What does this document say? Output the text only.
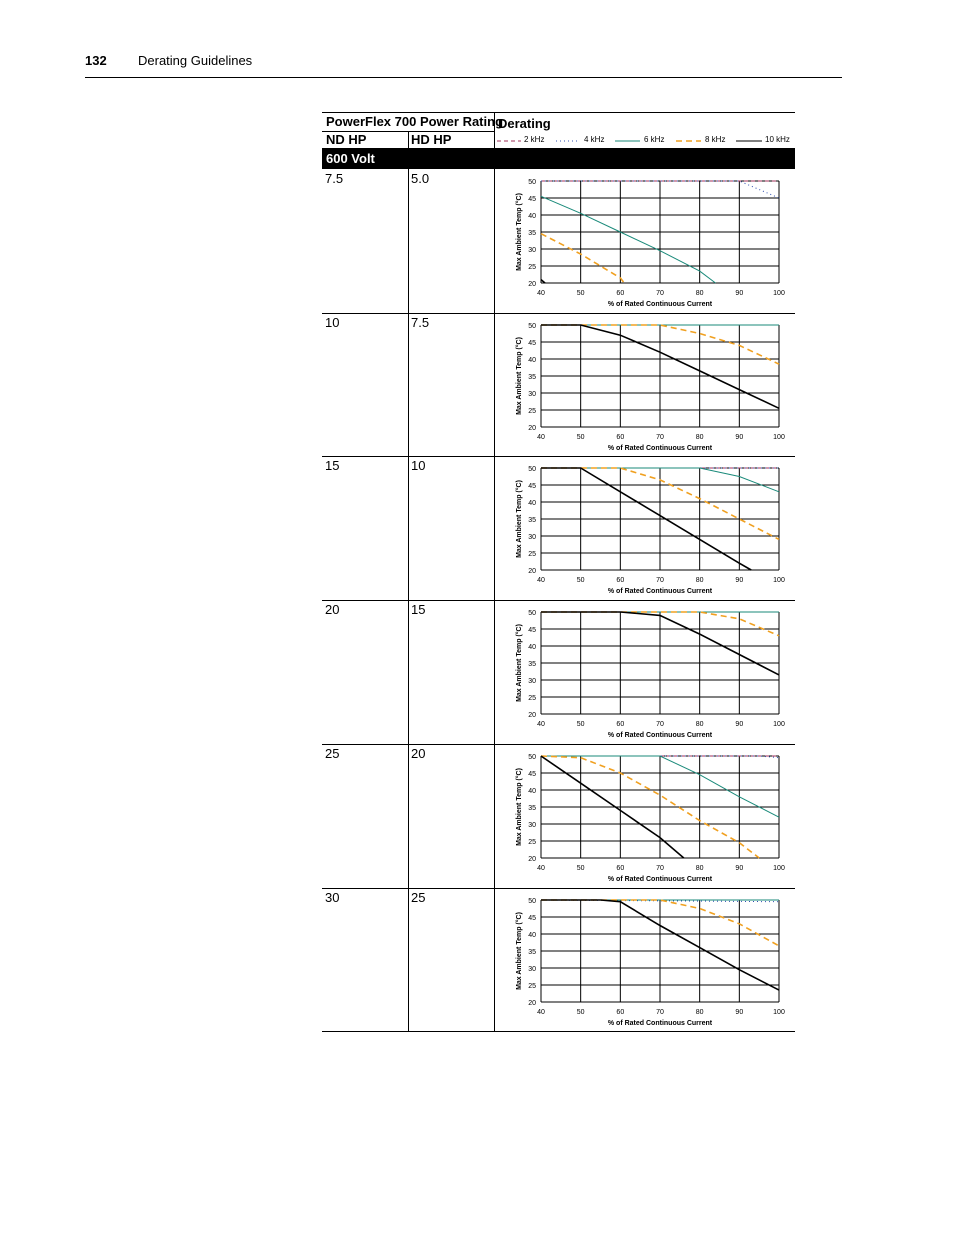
132 Derating Guidelines
PowerFlex 700 Power Rating
Derating
ND HP	HD HP	2 kHz	4 kHz	6 kHz	8 kHz	10 kHz
600 Volt
7.5	5.0
20
25
30
35
40
45
50
40	50	60	70	80	90	100
% of Rated Continuous Current
Max Ambient Temp (°C)
10	7.5
20
25
30
35
40
45
50
40	50	60	70	80	90	100
% of Rated Continuous Current
Max Ambient Temp (°C)
15	10
20
25
30
35
40
45
50
40	50	60	70	80	90	100
% of Rated Continuous Current
Max Ambient Temp (°C)
20	15
20
25
30
35
40
45
50
40	50	60	70	80	90	100
% of Rated Continuous Current
Max Ambient Temp (°C)
25	20
20
25
30
35
40
45
50
40	50	60	70	80	90	100
% of Rated Continuous Current
Max Ambient Temp (°C)
30	25
20
25
30
35
40
45
50
40	50	60	70	80	90	100
% of Rated Continuous Current
Max Ambient Temp (°C)
